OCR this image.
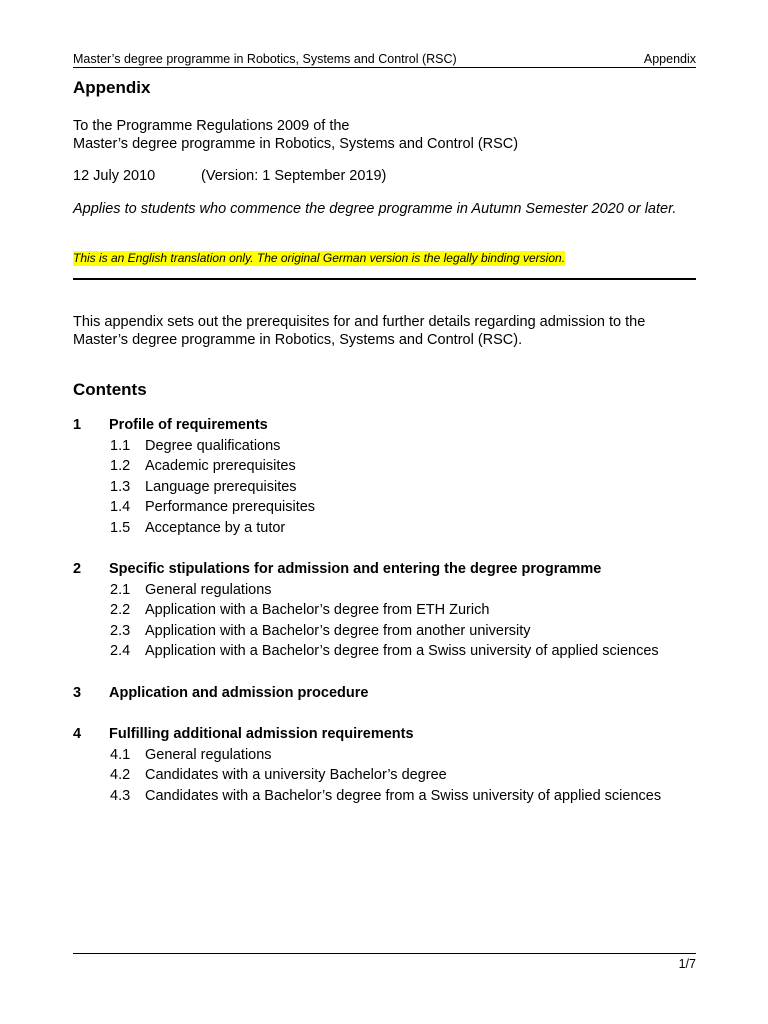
Master’s degree programme in Robotics, Systems and Control (RSC)	Appendix
Appendix
To the Programme Regulations 2009 of the
Master’s degree programme in Robotics, Systems and Control (RSC)
12 July 2010	(Version: 1 September 2019)
Applies to students who commence the degree programme in Autumn Semester 2020 or later.
This is an English translation only. The original German version is the legally binding version.
This appendix sets out the prerequisites for and further details regarding admission to the Master’s degree programme in Robotics, Systems and Control (RSC).
Contents
1 Profile of requirements
1.1 Degree qualifications
1.2 Academic prerequisites
1.3 Language prerequisites
1.4 Performance prerequisites
1.5 Acceptance by a tutor
2 Specific stipulations for admission and entering the degree programme
2.1 General regulations
2.2 Application with a Bachelor’s degree from ETH Zurich
2.3 Application with a Bachelor’s degree from another university
2.4 Application with a Bachelor’s degree from a Swiss university of applied sciences
3 Application and admission procedure
4 Fulfilling additional admission requirements
4.1 General regulations
4.2 Candidates with a university Bachelor’s degree
4.3 Candidates with a Bachelor’s degree from a Swiss university of applied sciences
1/7
